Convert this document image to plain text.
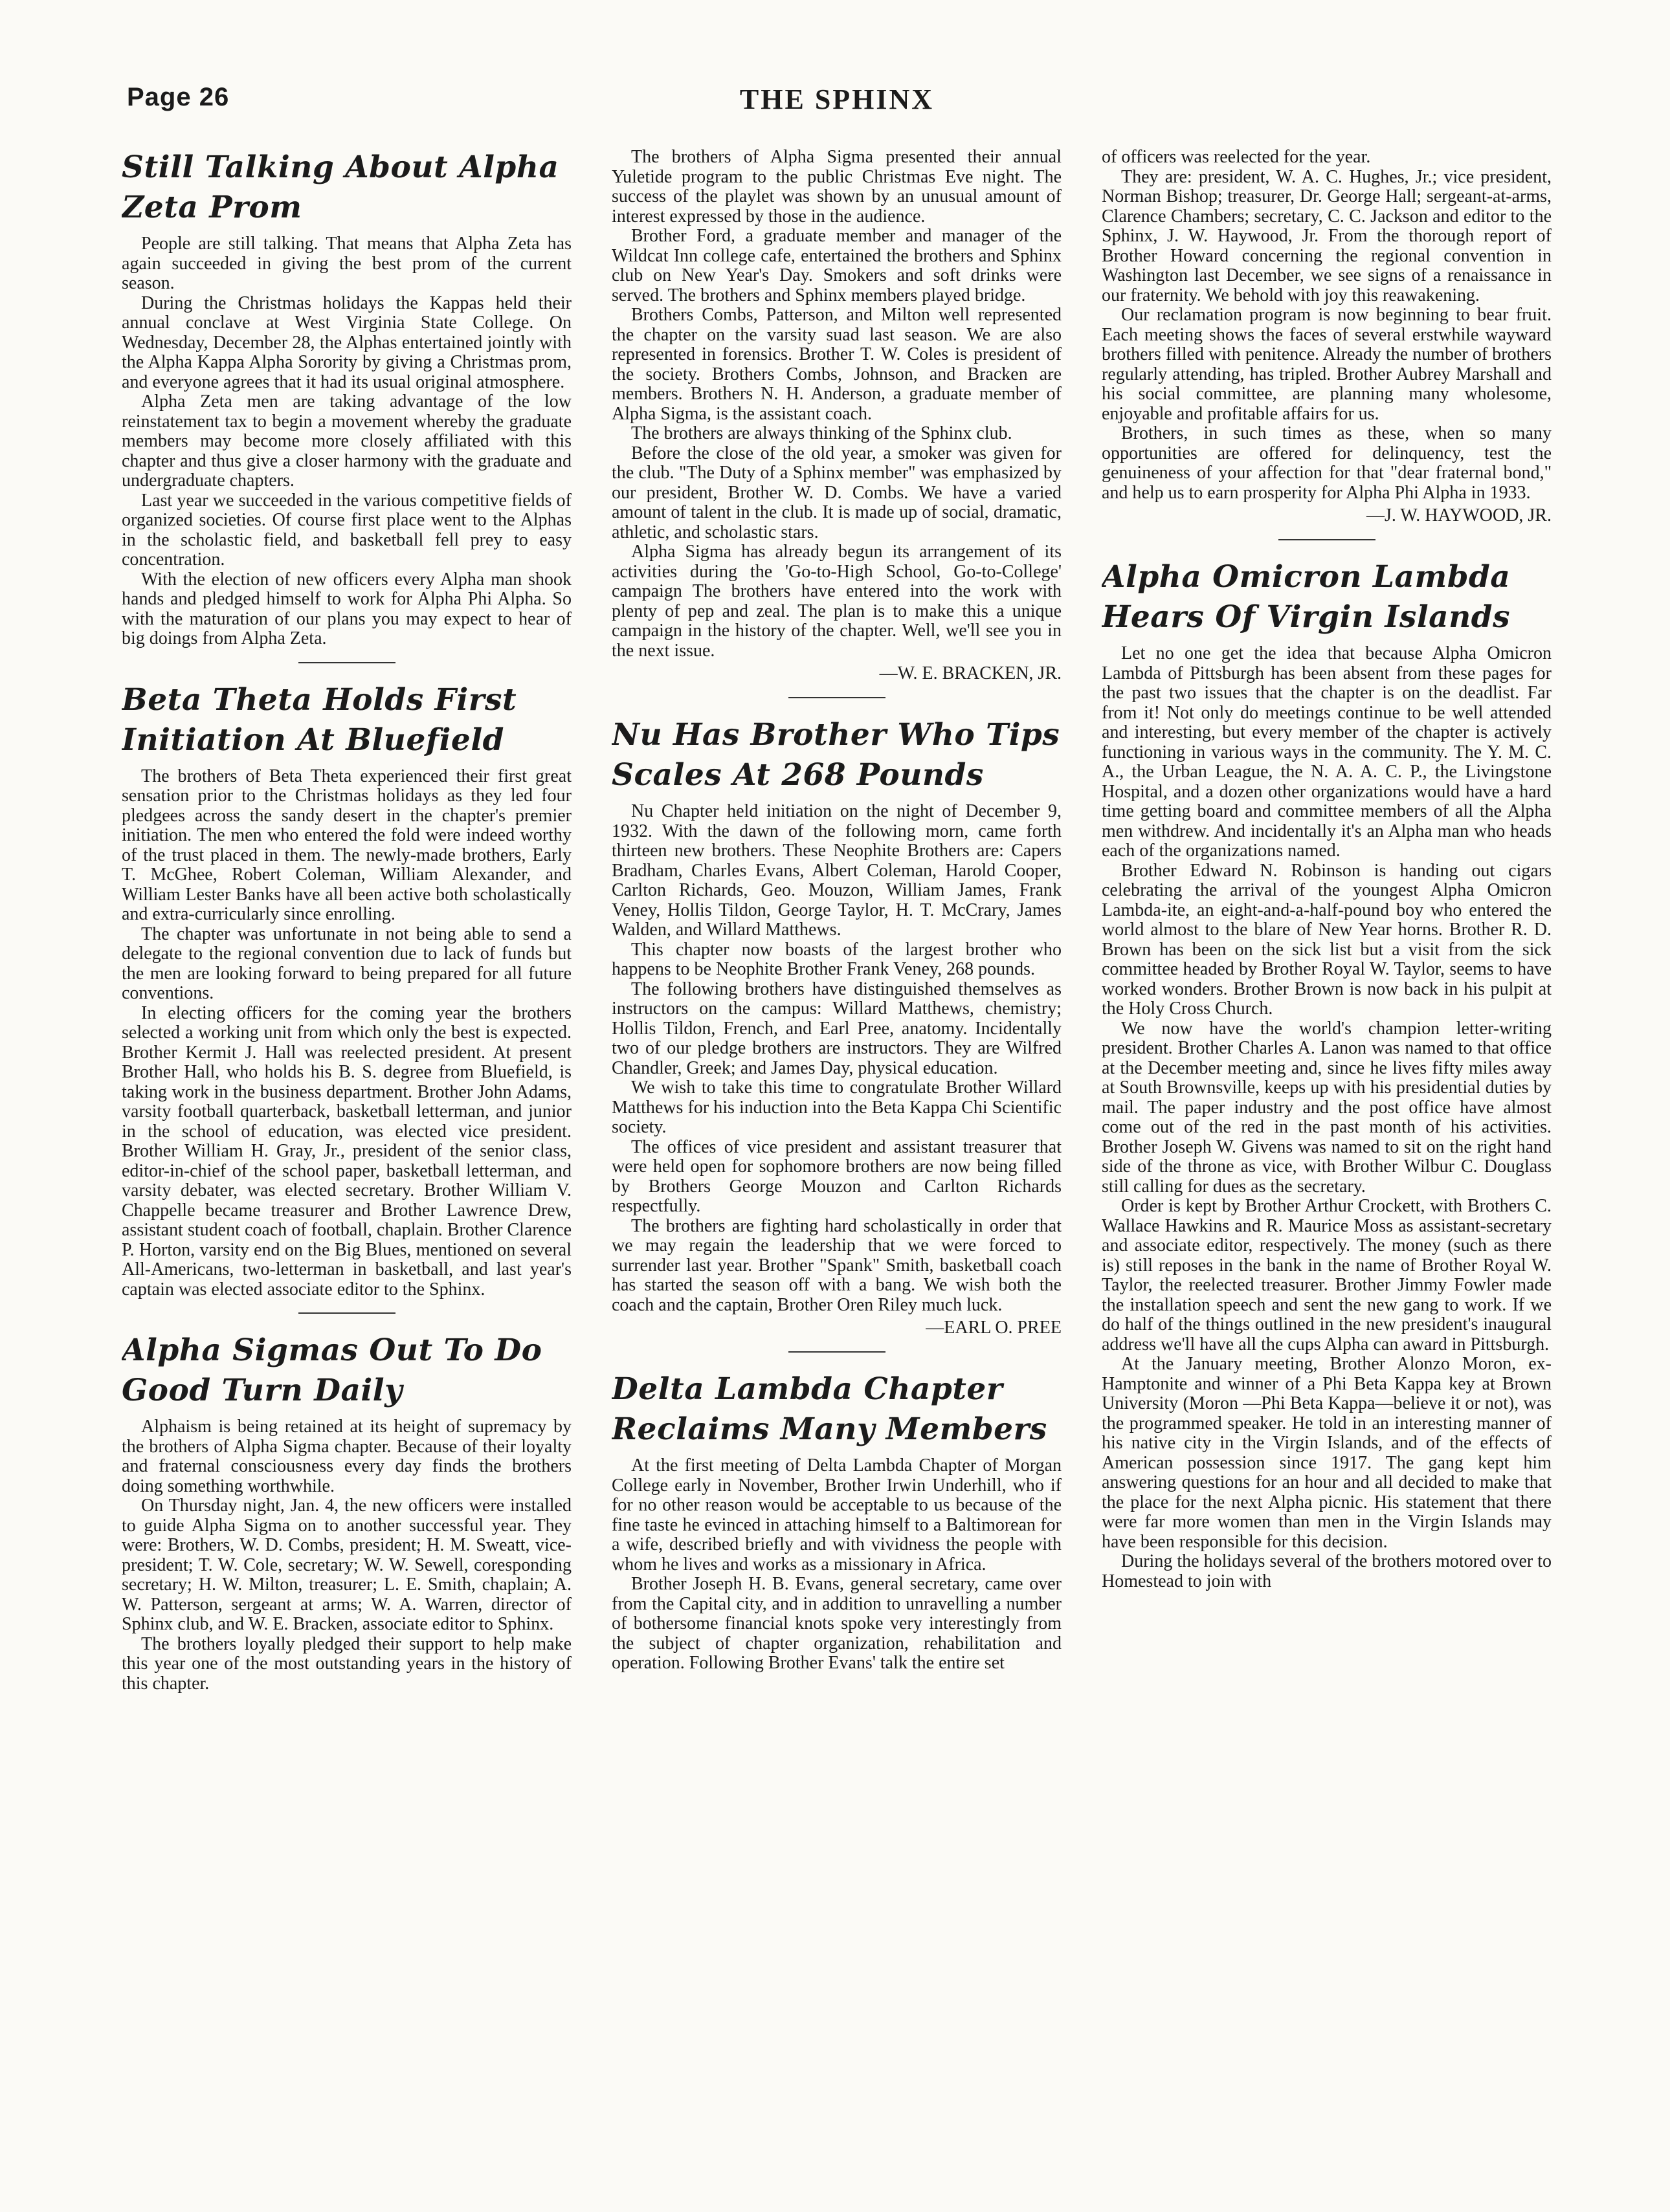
Page 26	THE SPHINX
Still Talking About Alpha Zeta Prom

People are still talking. That means that Alpha Zeta has again succeeded in giving the best prom of the current season.

During the Christmas holidays the Kappas held their annual conclave at West Virginia State College. On Wednesday, December 28, the Alphas entertained jointly with the Alpha Kappa Alpha Sorority by giving a Christmas prom, and everyone agrees that it had its usual original atmosphere.

Alpha Zeta men are taking advantage of the low reinstatement tax to begin a movement whereby the graduate members may become more closely affiliated with this chapter and thus give a closer harmony with the graduate and undergraduate chapters.

Last year we succeeded in the various competitive fields of organized societies. Of course first place went to the Alphas in the scholastic field, and basketball fell prey to easy concentration.

With the election of new officers every Alpha man shook hands and pledged himself to work for Alpha Phi Alpha. So with the maturation of our plans you may expect to hear of big doings from Alpha Zeta.

Beta Theta Holds First Initiation At Bluefield

The brothers of Beta Theta experienced their first great sensation prior to the Christmas holidays as they led four pledgees across the sandy desert in the chapter's premier initiation. The men who entered the fold were indeed worthy of the trust placed in them. The newly-made brothers, Early T. McGhee, Robert Coleman, William Alexander, and William Lester Banks have all been active both scholastically and extra-curricularly since enrolling.

The chapter was unfortunate in not being able to send a delegate to the regional convention due to lack of funds but the men are looking forward to being prepared for all future conventions.

In electing officers for the coming year the brothers selected a working unit from which only the best is expected. Brother Kermit J. Hall was reelected president. At present Brother Hall, who holds his B. S. degree from Bluefield, is taking work in the business department. Brother John Adams, varsity football quarterback, basketball letterman, and junior in the school of education, was elected vice president. Brother William H. Gray, Jr., president of the senior class, editor-in-chief of the school paper, basketball letterman, and varsity debater, was elected secretary. Brother William V. Chappelle became treasurer and Brother Lawrence Drew, assistant student coach of football, chaplain. Brother Clarence P. Horton, varsity end on the Big Blues, mentioned on several All-Americans, two-letterman in basketball, and last year's captain was elected associate editor to the Sphinx.

Alpha Sigmas Out To Do Good Turn Daily

Alphaism is being retained at its height of supremacy by the brothers of Alpha Sigma chapter. Because of their loyalty and fraternal consciousness every day finds the brothers doing something worthwhile.

On Thursday night, Jan. 4, the new officers were installed to guide Alpha Sigma on to another successful year. They were: Brothers, W. D. Combs, president; H. M. Sweatt, vice-president; T. W. Cole, secretary; W. W. Sewell, coresponding secretary; H. W. Milton, treasurer; L. E. Smith, chaplain; A. W. Patterson, sergeant at arms; W. A. Warren, director of Sphinx club, and W. E. Bracken, associate editor to Sphinx.

The brothers loyally pledged their support to help make this year one of the most outstanding years in the history of this chapter.

The brothers of Alpha Sigma presented their annual Yuletide program to the public Christmas Eve night. The success of the playlet was shown by an unusual amount of interest expressed by those in the audience.

Brother Ford, a graduate member and manager of the Wildcat Inn college cafe, entertained the brothers and Sphinx club on New Year's Day. Smokers and soft drinks were served. The brothers and Sphinx members played bridge.

Brothers Combs, Patterson, and Milton well represented the chapter on the varsity suad last season. We are also represented in forensics. Brother T. W. Coles is president of the society. Brothers Combs, Johnson, and Bracken are members. Brothers N. H. Anderson, a graduate member of Alpha Sigma, is the assistant coach.

The brothers are always thinking of the Sphinx club.

Before the close of the old year, a smoker was given for the club. "The Duty of a Sphinx member" was emphasized by our president, Brother W. D. Combs. We have a varied amount of talent in the club. It is made up of social, dramatic, athletic, and scholastic stars.

Alpha Sigma has already begun its arrangement of its activities during the 'Go-to-High School, Go-to-College' campaign The brothers have entered into the work with plenty of pep and zeal. The plan is to make this a unique campaign in the history of the chapter. Well, we'll see you in the next issue.

—W. E. BRACKEN, JR.
Nu Has Brother Who Tips Scales At 268 Pounds

Nu Chapter held initiation on the night of December 9, 1932. With the dawn of the following morn, came forth thirteen new brothers. These Neophite Brothers are: Capers Bradham, Charles Evans, Albert Coleman, Harold Cooper, Carlton Richards, Geo. Mouzon, William James, Frank Veney, Hollis Tildon, George Taylor, H. T. McCrary, James Walden, and Willard Matthews.

This chapter now boasts of the largest brother who happens to be Neophite Brother Frank Veney, 268 pounds.

The following brothers have distinguished themselves as instructors on the campus: Willard Matthews, chemistry; Hollis Tildon, French, and Earl Pree, anatomy. Incidentally two of our pledge brothers are instructors. They are Wilfred Chandler, Greek; and James Day, physical education.

We wish to take this time to congratulate Brother Willard Matthews for his induction into the Beta Kappa Chi Scientific society.

The offices of vice president and assistant treasurer that were held open for sophomore brothers are now being filled by Brothers George Mouzon and Carlton Richards respectfully.

The brothers are fighting hard scholastically in order that we may regain the leadership that we were forced to surrender last year. Brother "Spank" Smith, basketball coach has started the season off with a bang. We wish both the coach and the captain, Brother Oren Riley much luck.

—EARL O. PREE
Delta Lambda Chapter Reclaims Many Members

At the first meeting of Delta Lambda Chapter of Morgan College early in November, Brother Irwin Underhill, who if for no other reason would be acceptable to us because of the fine taste he evinced in attaching himself to a Baltimorean for a wife, described briefly and with vividness the people with whom he lives and works as a missionary in Africa.

Brother Joseph H. B. Evans, general secretary, came over from the Capital city, and in addition to unravelling a number of bothersome financial knots spoke very interestingly from the subject of chapter organization, rehabilitation and operation. Following Brother Evans' talk the entire set

of officers was reelected for the year.

They are: president, W. A. C. Hughes, Jr.; vice president, Norman Bishop; treasurer, Dr. George Hall; sergeant-at-arms, Clarence Chambers; secretary, C. C. Jackson and editor to the Sphinx, J. W. Haywood, Jr. From the thorough report of Brother Howard concerning the regional convention in Washington last December, we see signs of a renaissance in our fraternity. We behold with joy this reawakening.

Our reclamation program is now beginning to bear fruit. Each meeting shows the faces of several erstwhile wayward brothers filled with penitence. Already the number of brothers regularly attending, has tripled. Brother Aubrey Marshall and his social committee, are planning many wholesome, enjoyable and profitable affairs for us.

Brothers, in such times as these, when so many opportunities are offered for delinquency, test the genuineness of your affection for that "dear fraternal bond," and help us to earn prosperity for Alpha Phi Alpha in 1933.

—J. W. HAYWOOD, JR.
Alpha Omicron Lambda Hears Of Virgin Islands

Let no one get the idea that because Alpha Omicron Lambda of Pittsburgh has been absent from these pages for the past two issues that the chapter is on the deadlist. Far from it! Not only do meetings continue to be well attended and interesting, but every member of the chapter is actively functioning in various ways in the community. The Y. M. C. A., the Urban League, the N. A. A. C. P., the Livingstone Hospital, and a dozen other organizations would have a hard time getting board and committee members of all the Alpha men withdrew. And incidentally it's an Alpha man who heads each of the organizations named.

Brother Edward N. Robinson is handing out cigars celebrating the arrival of the youngest Alpha Omicron Lambda-ite, an eight-and-a-half-pound boy who entered the world almost to the blare of New Year horns. Brother R. D. Brown has been on the sick list but a visit from the sick committee headed by Brother Royal W. Taylor, seems to have worked wonders. Brother Brown is now back in his pulpit at the Holy Cross Church.

We now have the world's champion letter-writing president. Brother Charles A. Lanon was named to that office at the December meeting and, since he lives fifty miles away at South Brownsville, keeps up with his presidential duties by mail. The paper industry and the post office have almost come out of the red in the past month of his activities. Brother Joseph W. Givens was named to sit on the right hand side of the throne as vice, with Brother Wilbur C. Douglass still calling for dues as the secretary.

Order is kept by Brother Arthur Crockett, with Brothers C. Wallace Hawkins and R. Maurice Moss as assistant-secretary and associate editor, respectively. The money (such as there is) still reposes in the bank in the name of Brother Royal W. Taylor, the reelected treasurer. Brother Jimmy Fowler made the installation speech and sent the new gang to work. If we do half of the things outlined in the new president's inaugural address we'll have all the cups Alpha can award in Pittsburgh.

At the January meeting, Brother Alonzo Moron, ex-Hamptonite and winner of a Phi Beta Kappa key at Brown University (Moron —Phi Beta Kappa—believe it or not), was the programmed speaker. He told in an interesting manner of his native city in the Virgin Islands, and of the effects of American possession since 1917. The gang kept him answering questions for an hour and all decided to make that the place for the next Alpha picnic. His statement that there were far more women than men in the Virgin Islands may have been responsible for this decision.

During the holidays several of the brothers motored over to Homestead to join with
